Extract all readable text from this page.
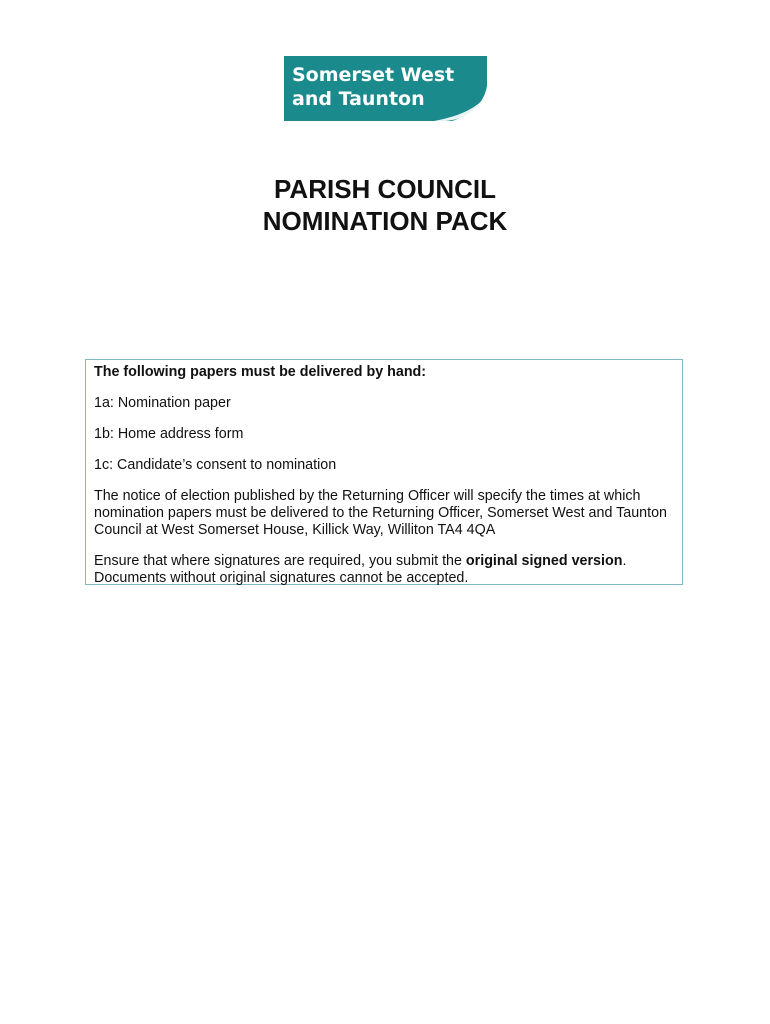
Somerset West
and Taunton
PARISH COUNCIL
NOMINATION PACK

The following papers must be delivered by hand:

1a: Nomination paper

1b: Home address form

1c: Candidate’s consent to nomination

The notice of election published by the Returning Officer will specify the times at which nomination papers must be delivered to the Returning Officer, Somerset West and Taunton Council at West Somerset House, Killick Way, Williton TA4 4QA

Ensure that where signatures are required, you submit the original signed version.
Documents without original signatures cannot be accepted.
